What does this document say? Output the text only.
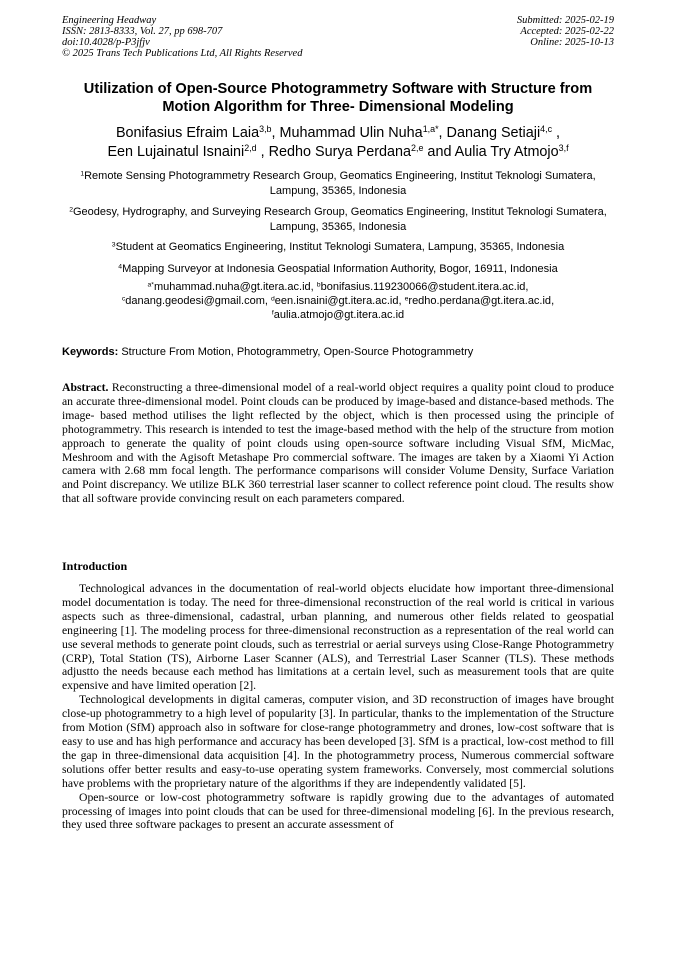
Engineering Headway
ISSN: 2813-8333, Vol. 27, pp 698-707
doi:10.4028/p-P3jfjv
© 2025 Trans Tech Publications Ltd, All Rights Reserved
Submitted: 2025-02-19
Accepted: 2025-02-22
Online: 2025-10-13
Utilization of Open-Source Photogrammetry Software with Structure from Motion Algorithm for Three- Dimensional Modeling
Bonifasius Efraim Laia$^{3,b}$, Muhammad Ulin Nuha$^{1,a*}$, Danang Setiaji$^{4,c}$ ,
Een Lujainatul Isnaini$^{2,d}$ , Redho Surya Perdana$^{2,e}$ and Aulia Try Atmojo$^{3,f}$
$^1$Remote Sensing Photogrammetry Research Group, Geomatics Engineering, Institut Teknologi Sumatera, Lampung, 35365, Indonesia
$^2$Geodesy, Hydrography, and Surveying Research Group, Geomatics Engineering, Institut Teknologi Sumatera, Lampung, 35365, Indonesia
$^3$Student at Geomatics Engineering, Institut Teknologi Sumatera, Lampung, 35365, Indonesia
$^4$Mapping Surveyor at Indonesia Geospatial Information Authority, Bogor, 16911, Indonesia
$^{a*}$muhammad.nuha@gt.itera.ac.id, $^b$bonifasius.119230066@student.itera.ac.id,
$^c$danang.geodesi@gmail.com, $^d$een.isnaini@gt.itera.ac.id, $^e$redho.perdana@gt.itera.ac.id,
$^f$aulia.atmojo@gt.itera.ac.id
Keywords: Structure From Motion, Photogrammetry, Open-Source Photogrammetry
Abstract. Reconstructing a three-dimensional model of a real-world object requires a quality point cloud to produce an accurate three-dimensional model. Point clouds can be produced by image-based and distance-based methods. The image- based method utilises the light reflected by the object, which is then processed using the principle of photogrammetry. This research is intended to test the image-based method with the help of the structure from motion approach to generate the quality of point clouds using open-source software including Visual SfM, MicMac, Meshroom and with the Agisoft Metashape Pro commercial software. The images are taken by a Xiaomi Yi Action camera with 2.68 mm focal length. The performance comparisons will consider Volume Density, Surface Variation and Point discrepancy. We utilize BLK 360 terrestrial laser scanner to collect reference point cloud. The results show that all software provide convincing result on each parameters compared.
Introduction

Technological advances in the documentation of real-world objects elucidate how important three-dimensional model documentation is today. The need for three-dimensional reconstruction of the real world is critical in various aspects such as three-dimensional, cadastral, urban planning, and numerous other fields related to geospatial engineering [1]. The modeling process for three-dimensional reconstruction as a representation of the real world can use several methods to generate point clouds, such as terrestrial or aerial surveys using Close-Range Photogrammetry (CRP), Total Station (TS), Airborne Laser Scanner (ALS), and Terrestrial Laser Scanner (TLS). These methods adjustto the needs because each method has limitations at a certain level, such as measurement tools that are quite expensive and have limited operation [2].

Technological developments in digital cameras, computer vision, and 3D reconstruction of images have brought close-up photogrammetry to a high level of popularity [3]. In particular, thanks to the implementation of the Structure from Motion (SfM) approach also in software for close-range photogrammetry and drones, low-cost software that is easy to use and has high performance and accuracy has been developed [3]. SfM is a practical, low-cost method to fill the gap in three-dimensional data acquisition [4]. In the photogrammetry process, Numerous commercial software solutions offer better results and easy-to-use operating system frameworks. Conversely, most commercial solutions have problems with the proprietary nature of the algorithms if they are independently validated [5].

Open-source or low-cost photogrammetry software is rapidly growing due to the advantages of automated processing of images into point clouds that can be used for three-dimensional modeling [6]. In the previous research, they used three software packages to present an accurate assessment of
